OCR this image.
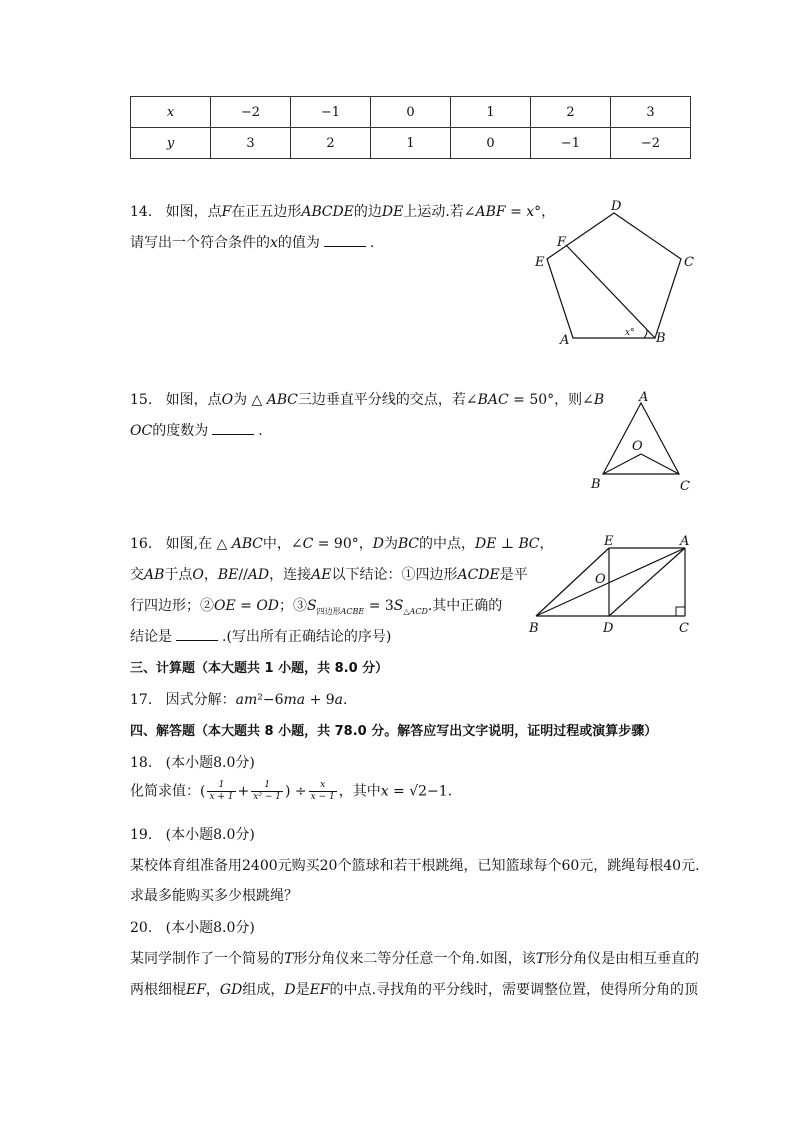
x	−2	−1	0	1	2	3
y	3	2	1	0	−1	−2
14. 如图，点𝐹在正五边形𝐴𝐵𝐶𝐷𝐸的边𝐷𝐸上运动.若∠𝐴𝐵𝐹 = 𝑥°，
请写出一个符合条件的𝑥的值为	.
D
C
B
A
E
F
x°
15. 如图，点𝑂为 △ 𝐴𝐵𝐶三边垂直平分线的交点，若∠𝐵𝐴𝐶 = 50°，则∠𝐵
𝑂𝐶的度数为	.
A
O
B	C
16. 如图,在 △ 𝐴𝐵𝐶中，∠𝐶 = 90°，𝐷为𝐵𝐶的中点，𝐷𝐸 ⊥ 𝐵𝐶，
交𝐴𝐵于点𝑂，𝐵𝐸//𝐴𝐷，连接𝐴𝐸以下结论：①四边形𝐴𝐶𝐷𝐸是平
行四边形；②𝑂𝐸 = 𝑂𝐷；③𝑆$_{四边形𝐴𝐶𝐵𝐸}$ = 3𝑆$_{\triangle 𝐴𝐶𝐷}$.其中正确的
结论是	.(写出所有正确结论的序号)
E	A
O
B	D	C
三、计算题（本大题共 1 小题，共 8.0 分）
17. 因式分解：𝑎𝑚²−6𝑚𝑎 + 9𝑎.
四、解答题（本大题共 8 小题，共 78.0 分。解答应写出文字说明，证明过程或演算步骤）
18. (本小题8.0分)
化简求值：( $\frac{1}{x + 1} + \frac{1}{\text{x² − 1}}$ ) ÷ $\frac{x}{x - 1}$ ，其中𝑥 = √2−1.
19. (本小题8.0分)
某校体育组准备用2400元购买20个篮球和若干根跳绳，已知篮球每个60元，跳绳每根40元.
求最多能购买多少根跳绳？
20. (本小题8.0分)
某同学制作了一个简易的𝑇形分角仪来二等分任意一个角.如图，该𝑇形分角仪是由相互垂直的
两根细棍𝐸𝐹，𝐺𝐷组成，𝐷是𝐸𝐹的中点.寻找角的平分线时，需要调整位置，使得所分角的顶
